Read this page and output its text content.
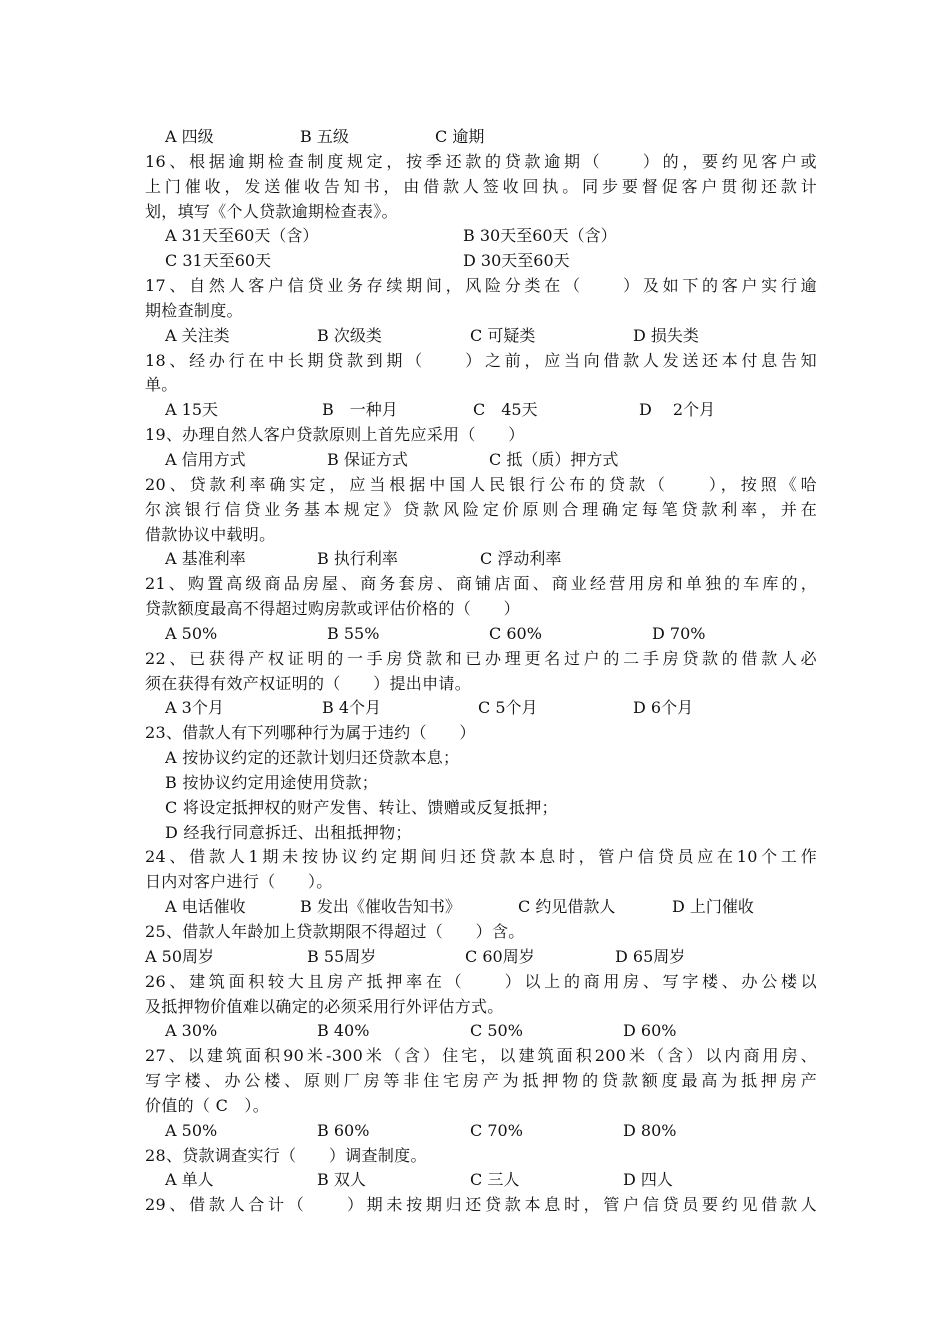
A 四级	B 五级	C 逾期
16、根据逾期检查制度规定，按季还款的贷款逾期（　　）的，要约见客户或
上门催收，发送催收告知书，由借款人签收回执。同步要督促客户贯彻还款计
划，填写《个人贷款逾期检查表》。
A 31天至60天（含）	B 30天至60天（含）
C 31天至60天	D 30天至60天
17、自然人客户信贷业务存续期间，风险分类在（　　）及如下的客户实行逾
期检查制度。
A 关注类	B 次级类	C 可疑类	D 损失类
18、经办行在中长期贷款到期（　　）之前，应当向借款人发送还本付息告知
单。
A 15天	B　一种月	C　45天	D　 2个月
19、办理自然人客户贷款原则上首先应采用（　　）
A 信用方式	B 保证方式	C 抵（质）押方式
20、贷款利率确实定，应当根据中国人民银行公布的贷款（　　），按照《哈
尔滨银行信贷业务基本规定》贷款风险定价原则合理确定每笔贷款利率，并在
借款协议中载明。
A 基准利率	B 执行利率	C 浮动利率
21、购置高级商品房屋、商务套房、商铺店面、商业经营用房和单独的车库的，
贷款额度最高不得超过购房款或评估价格的（　　）
A 50%	B 55%	C 60%	D 70%
22、已获得产权证明的一手房贷款和已办理更名过户的二手房贷款的借款人必
须在获得有效产权证明的（　　）提出申请。
A 3个月	B 4个月	C 5个月	D 6个月
23、借款人有下列哪种行为属于违约（　　）
A 按协议约定的还款计划归还贷款本息；
B 按协议约定用途使用贷款；
C 将设定抵押权的财产发售、转让、馈赠或反复抵押；
D 经我行同意拆迁、出租抵押物；
24、借款人1期未按协议约定期间归还贷款本息时，管户信贷员应在10个工作
日内对客户进行（　　）。
A 电话催收	B 发出《催收告知书》	C 约见借款人	D 上门催收
25、借款人年龄加上贷款期限不得超过（　　）含。
A 50周岁	B 55周岁	C 60周岁	D 65周岁
26、建筑面积较大且房产抵押率在（　　）以上的商用房、写字楼、办公楼以
及抵押物价值难以确定的必须采用行外评估方式。
A 30%	B 40%	C 50%	D 60%
27、以建筑面积90米-300米（含）住宅，以建筑面积200米（含）以内商用房、
写字楼、办公楼、原则厂房等非住宅房产为抵押物的贷款额度最高为抵押房产
价值的（ C　）。
A 50%	B 60%	C 70%	D 80%
28、贷款调查实行（　　）调查制度。
A 单人	B 双人	C 三人	D 四人
29、借款人合计（　　）期未按期归还贷款本息时，管户信贷员要约见借款人
